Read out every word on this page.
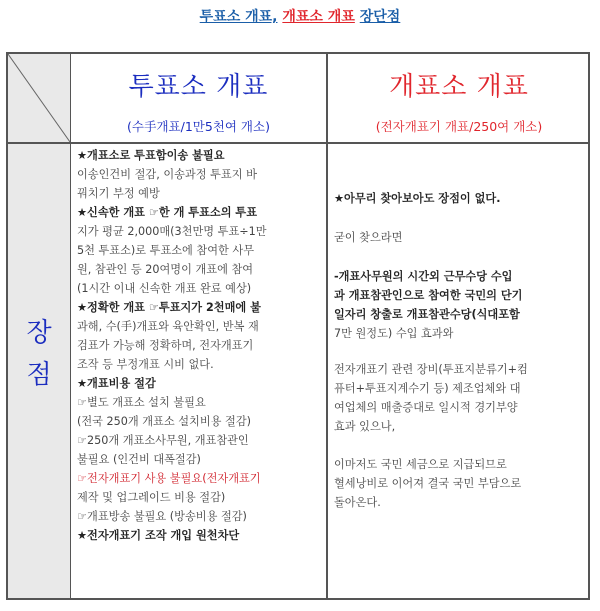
투표소 개표, 개표소 개표 장단점
투표소 개표
(수手개표/1만5천여 개소)
개표소 개표
(전자개표기 개표/250여 개소)
장
점
★개표소로 투표함이송 불필요
이송인건비 절감, 이송과정 투표지 바
꿔치기 부정 예방
★신속한 개표 ☞한 개 투표소의 투표
지가 평균 2,000매(3천만명 투표÷1만
5천 투표소)로 투표소에 참여한 사무
원, 참관인 등 20여명이 개표에 참여
(1시간 이내 신속한 개표 완료 예상)
★정확한 개표 ☞투표지가 2천매에 불
과해, 수(手)개표와 육안확인, 반복 재
검표가 가능해 정확하며, 전자개표기
조작 등 부정개표 시비 없다.
★개표비용 절감
☞별도 개표소 설치 불필요
(전국 250개 개표소 설치비용 절감)
☞250개 개표소사무원, 개표참관인
불필요 (인건비 대폭절감)
☞전자개표기 사용 불필요(전자개표기
제작 및 업그레이드 비용 절감)
☞개표방송 불필요 (방송비용 절감)
★전자개표기 조작 개입 원천차단
★아무리 찾아보아도 장점이 없다.
굳이 찾으라면
-개표사무원의 시간외 근무수당 수입
과 개표참관인으로 참여한 국민의 단기
일자리 창출로 개표참관수당(식대포함
7만 원정도) 수입 효과와
전자개표기 관련 장비(투표지분류기+컴
퓨터+투표지계수기 등) 제조업체와 대
여업체의 매출증대로 일시적 경기부양
효과 있으나,
이마저도 국민 세금으로 지급되므로
혈세낭비로 이어져 결국 국민 부담으로
돌아온다.
